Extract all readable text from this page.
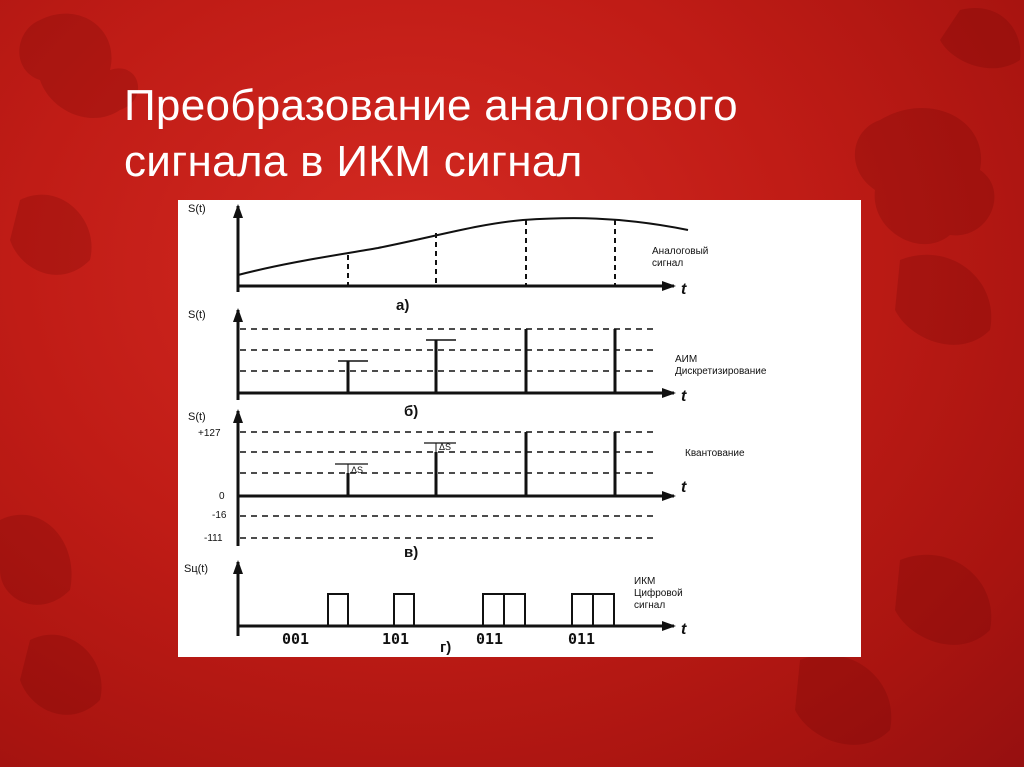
Преобразование аналогового
сигнала в ИКМ сигнал
S(t)
t
а)
Аналоговый
сигнал
S(t)
t
б)
АИМ
Дискретизирование
S(t)
t
в)
Квантование
+127
0
-16
-111
ΔS
ΔS
Sц(t)
t
г)
ИКМ
Цифровой
сигнал
001	101	011	011
